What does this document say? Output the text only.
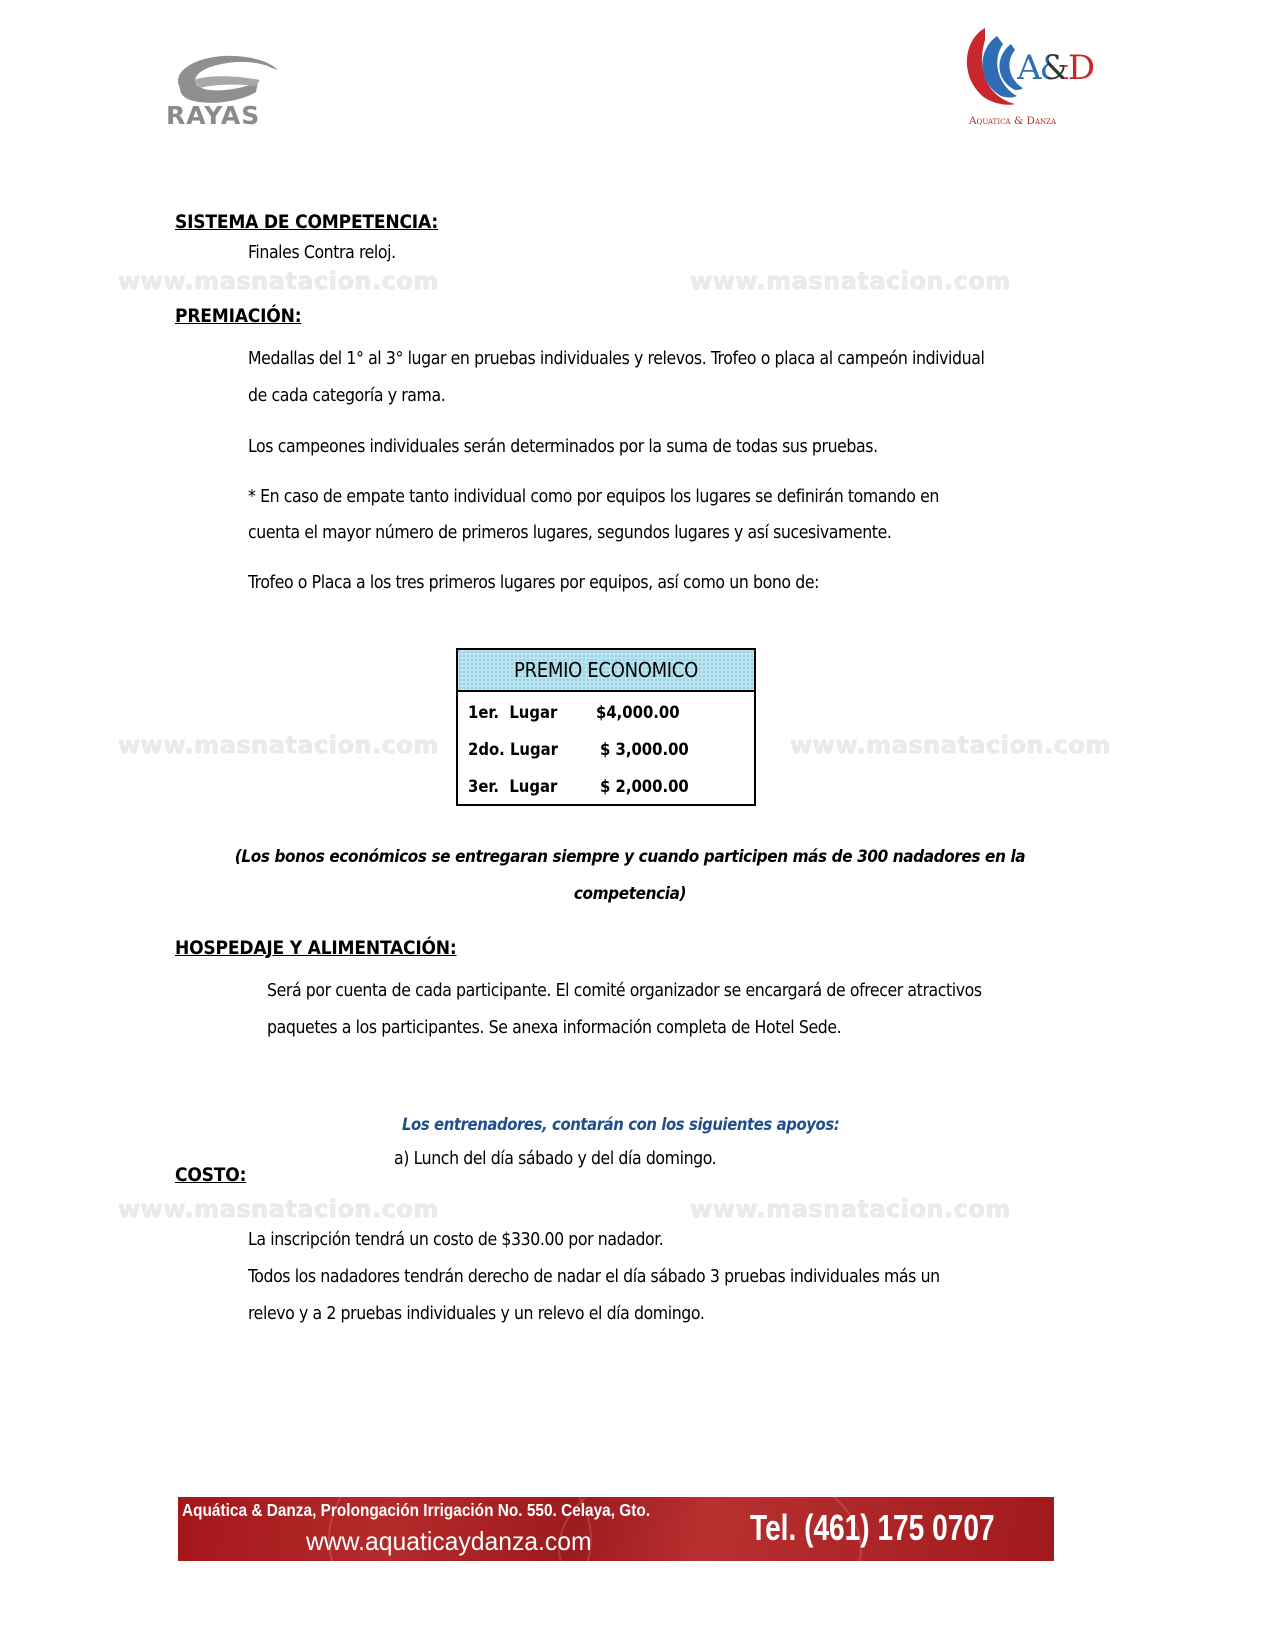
RAYAS
A&D
Aquatica & Danza
www.masnatacion.com	www.masnatacion.com
www.masnatacion.com	www.masnatacion.com
www.masnatacion.com	www.masnatacion.com
SISTEMA DE COMPETENCIA:
Finales Contra reloj.
PREMIACIÓN:
Medallas del 1° al 3° lugar en pruebas individuales y relevos. Trofeo o placa al campeón individual
de cada categoría y rama.
Los campeones individuales serán determinados por la suma de todas sus pruebas.
* En caso de empate tanto individual como por equipos los lugares se definirán tomando en
cuenta el mayor número de primeros lugares, segundos lugares y así sucesivamente.
Trofeo o Placa a los tres primeros lugares por equipos, así como un bono de:
PREMIO ECONOMICO
1er.  Lugar	$4,000.00
2do. Lugar	$ 3,000.00
3er.  Lugar	$ 2,000.00
(Los bonos económicos se entregaran siempre y cuando participen más de 300 nadadores en la
competencia)
HOSPEDAJE Y ALIMENTACIÓN:
Será por cuenta de cada participante. El comité organizador se encargará de ofrecer atractivos
paquetes a los participantes. Se anexa información completa de Hotel Sede.
Los entrenadores, contarán con los siguientes apoyos:
a) Lunch del día sábado y del día domingo.
COSTO:
La inscripción tendrá un costo de $330.00 por nadador.
Todos los nadadores tendrán derecho de nadar el día sábado 3 pruebas individuales más un
relevo y a 2 pruebas individuales y un relevo el día domingo.
Aquática & Danza, Prolongación Irrigación No. 550. Celaya, Gto.
www.aquaticaydanza.com	Tel. (461) 175 0707
